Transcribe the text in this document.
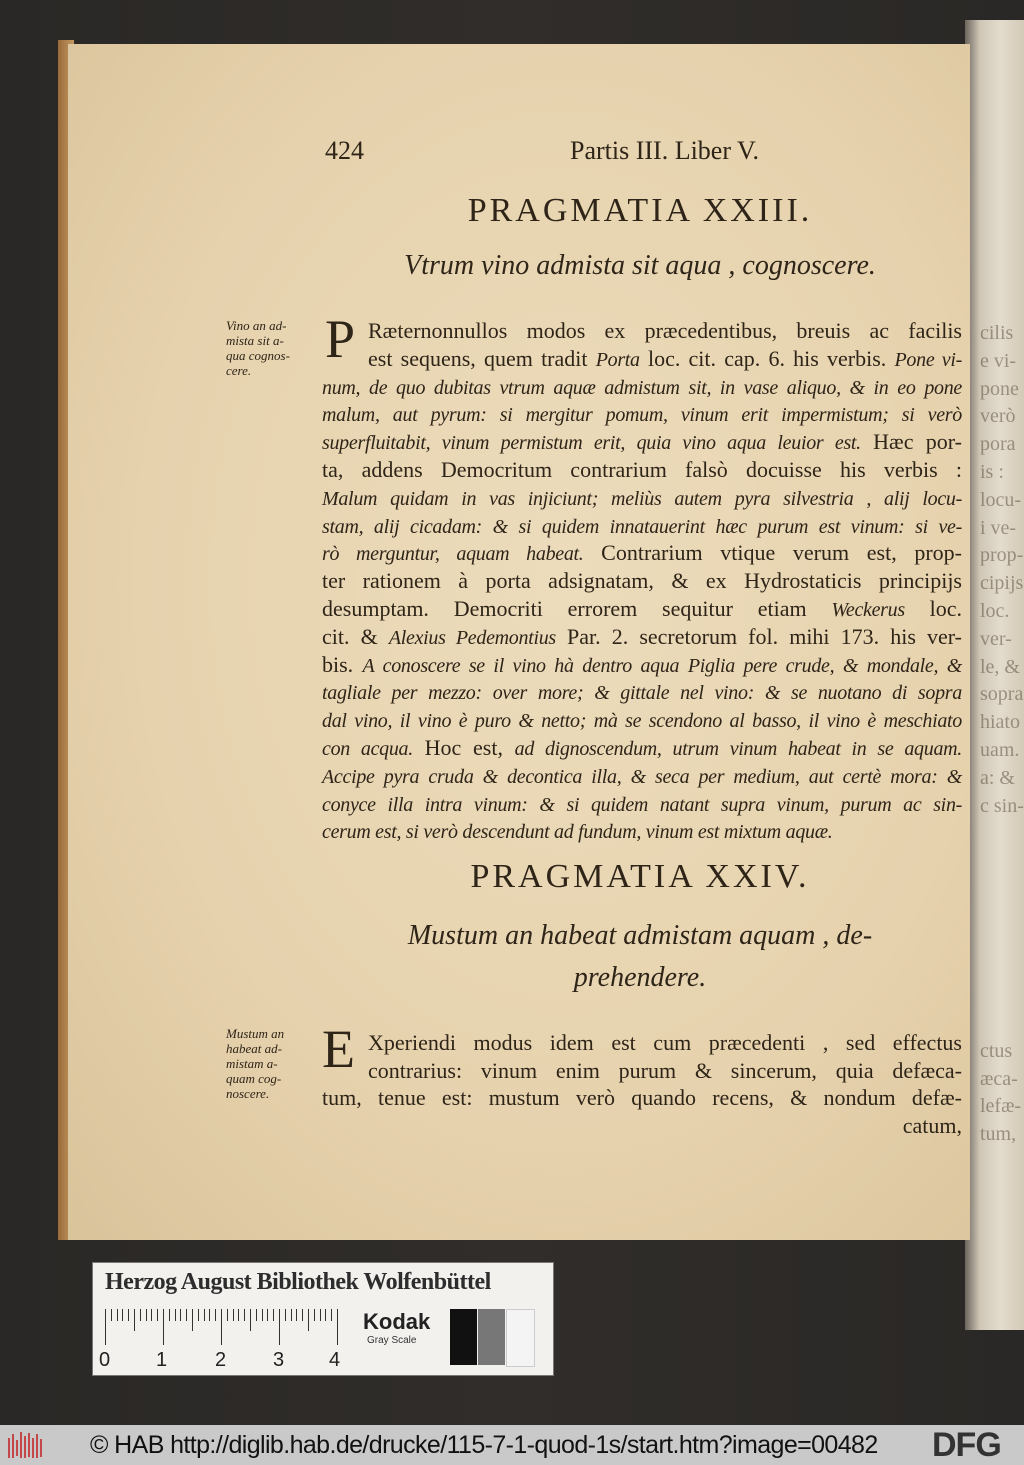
424	Partis III. Liber V.
PRAGMATIA XXIII.
Vtrum vino admista sit aqua , cognoscere.
Vino an ad-
mista sit a-
qua cognos-
cere.
P Ræternonnullos modos ex præcedentibus, breuis ac facilis
est sequens, quem tradit Porta loc. cit. cap. 6. his verbis. Pone vi-
num, de quo dubitas vtrum aquæ admistum sit, in vase aliquo, & in eo pone
malum, aut pyrum: si mergitur pomum, vinum erit impermistum; si verò
superfluitabit, vinum permistum erit, quia vino aqua leuior est. Hæc por-
ta, addens Democritum contrarium falsò docuisse his verbis :
Malum quidam in vas injiciunt; meliùs autem pyra silvestria , alij locu-
stam, alij cicadam: & si quidem innatauerint hæc purum est vinum: si ve-
rò merguntur, aquam habeat. Contrarium vtique verum est, prop-
ter rationem à porta adsignatam, & ex Hydrostaticis principijs
desumptam. Democriti errorem sequitur etiam Weckerus loc.
cit. & Alexius Pedemontius Par. 2. secretorum fol. mihi 173. his ver-
bis. A conoscere se il vino hà dentro aqua Piglia pere crude, & mondale, &
tagliale per mezzo: over more; & gittale nel vino: & se nuotano di sopra
dal vino, il vino è puro & netto; mà se scendono al basso, il vino è meschiato
con acqua. Hoc est, ad dignoscendum, utrum vinum habeat in se aquam.
Accipe pyra cruda & decontica illa, & seca per medium, aut certè mora: &
conyce illa intra vinum: & si quidem natant supra vinum, purum ac sin-
cerum est, si verò descendunt ad fundum, vinum est mixtum aquæ.
PRAGMATIA XXIV.
Mustum an habeat admistam aquam , de-
prehendere.
Mustum an
habeat ad-
mistam a-
quam cog-
noscere.
E Xperiendi modus idem est cum præcedenti , sed effectus
contrarius: vinum enim purum & sincerum, quia defæca-
tum, tenue est: mustum verò quando recens, & nondum defæ-
catum,
Herzog August Bibliothek Wolfenbüttel
0 1 2 3 4
Kodak
Gray Scale
© HAB http://diglib.hab.de/drucke/115-7-1-quod-1s/start.htm?image=00482 DFG
cilis
e vi-
pone
verò
pora
is :
locu-
i ve-
prop-
cipijs
loc.
ver-
le, &
sopra
hiato
uam.
a: &
c sin-
ctus
æca-
lefæ-
tum,
